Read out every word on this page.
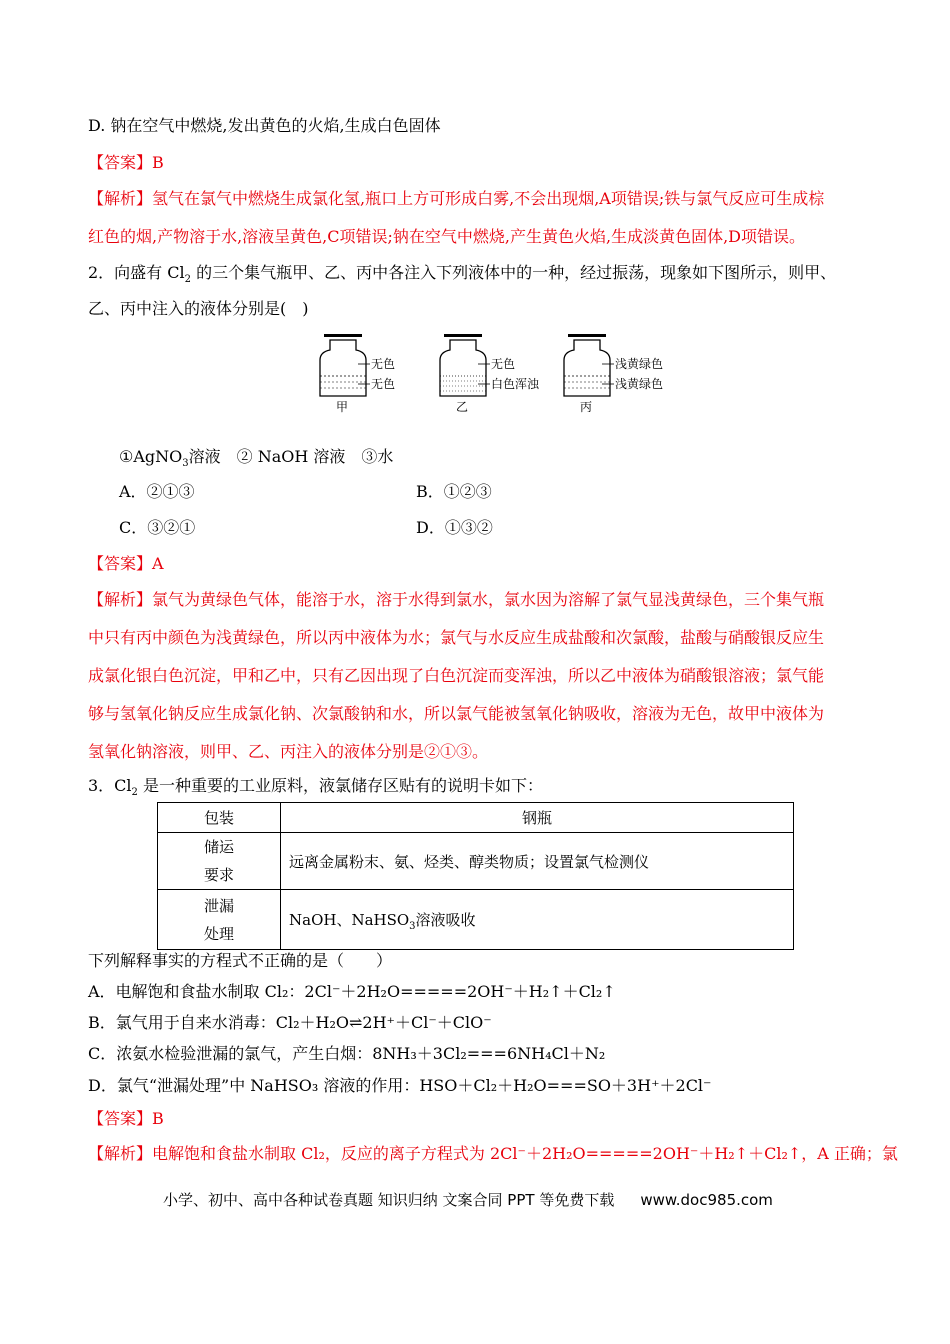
D. 钠在空气中燃烧,发出黄色的火焰,生成白色固体
【答案】B
【解析】氢气在氯气中燃烧生成氯化氢,瓶口上方可形成白雾,不会出现烟,A项错误;铁与氯气反应可生成棕
红色的烟,产物溶于水,溶液呈黄色,C项错误;钠在空气中燃烧,产生黄色火焰,生成淡黄色固体,D项错误。
2．向盛有 $Cl_2$ 的三个集气瓶甲、乙、丙中各注入下列液体中的一种，经过振荡，现象如下图所示，则甲、
乙、丙中注入的液体分别是(　)
无色
无色
甲
无色
白色浑浊
乙
浅黄绿色
浅黄绿色
丙
①AgNO$_3$溶液　② NaOH 溶液　③水
A．②①③	B．①②③
C．③②①	D．①③②
【答案】A
【解析】氯气为黄绿色气体，能溶于水，溶于水得到氯水，氯水因为溶解了氯气显浅黄绿色，三个集气瓶
中只有丙中颜色为浅黄绿色，所以丙中液体为水；氯气与水反应生成盐酸和次氯酸，盐酸与硝酸银反应生
成氯化银白色沉淀，甲和乙中，只有乙因出现了白色沉淀而变浑浊，所以乙中液体为硝酸银溶液；氯气能
够与氢氧化钠反应生成氯化钠、次氯酸钠和水，所以氯气能被氢氧化钠吸收，溶液为无色，故甲中液体为
氢氧化钠溶液，则甲、乙、丙注入的液体分别是②①③。
3．$Cl_2$ 是一种重要的工业原料，液氯储存区贴有的说明卡如下：
包装	钢瓶
储运
要求	远离金属粉末、氨、烃类、醇类物质；设置氯气检测仪
泄漏
处理	NaOH、NaHSO$_3$溶液吸收
下列解释事实的方程式不正确的是（　　）
A．电解饱和食盐水制取 Cl₂：2Cl⁻＋2H₂O=====2OH⁻＋H₂↑＋Cl₂↑
B．氯气用于自来水消毒：Cl₂＋H₂O⇌2H⁺＋Cl⁻＋ClO⁻
C．浓氨水检验泄漏的氯气，产生白烟：8NH₃＋3Cl₂===6NH₄Cl＋N₂
D．氯气“泄漏处理”中 NaHSO₃ 溶液的作用：HSO＋Cl₂＋H₂O===SO＋3H⁺＋2Cl⁻
【答案】B
【解析】电解饱和食盐水制取 Cl₂，反应的离子方程式为 2Cl⁻＋2H₂O=====2OH⁻＋H₂↑＋Cl₂↑，A 正确；氯
小学、初中、高中各种试卷真题 知识归纳 文案合同 PPT 等免费下载 www.doc985.com
